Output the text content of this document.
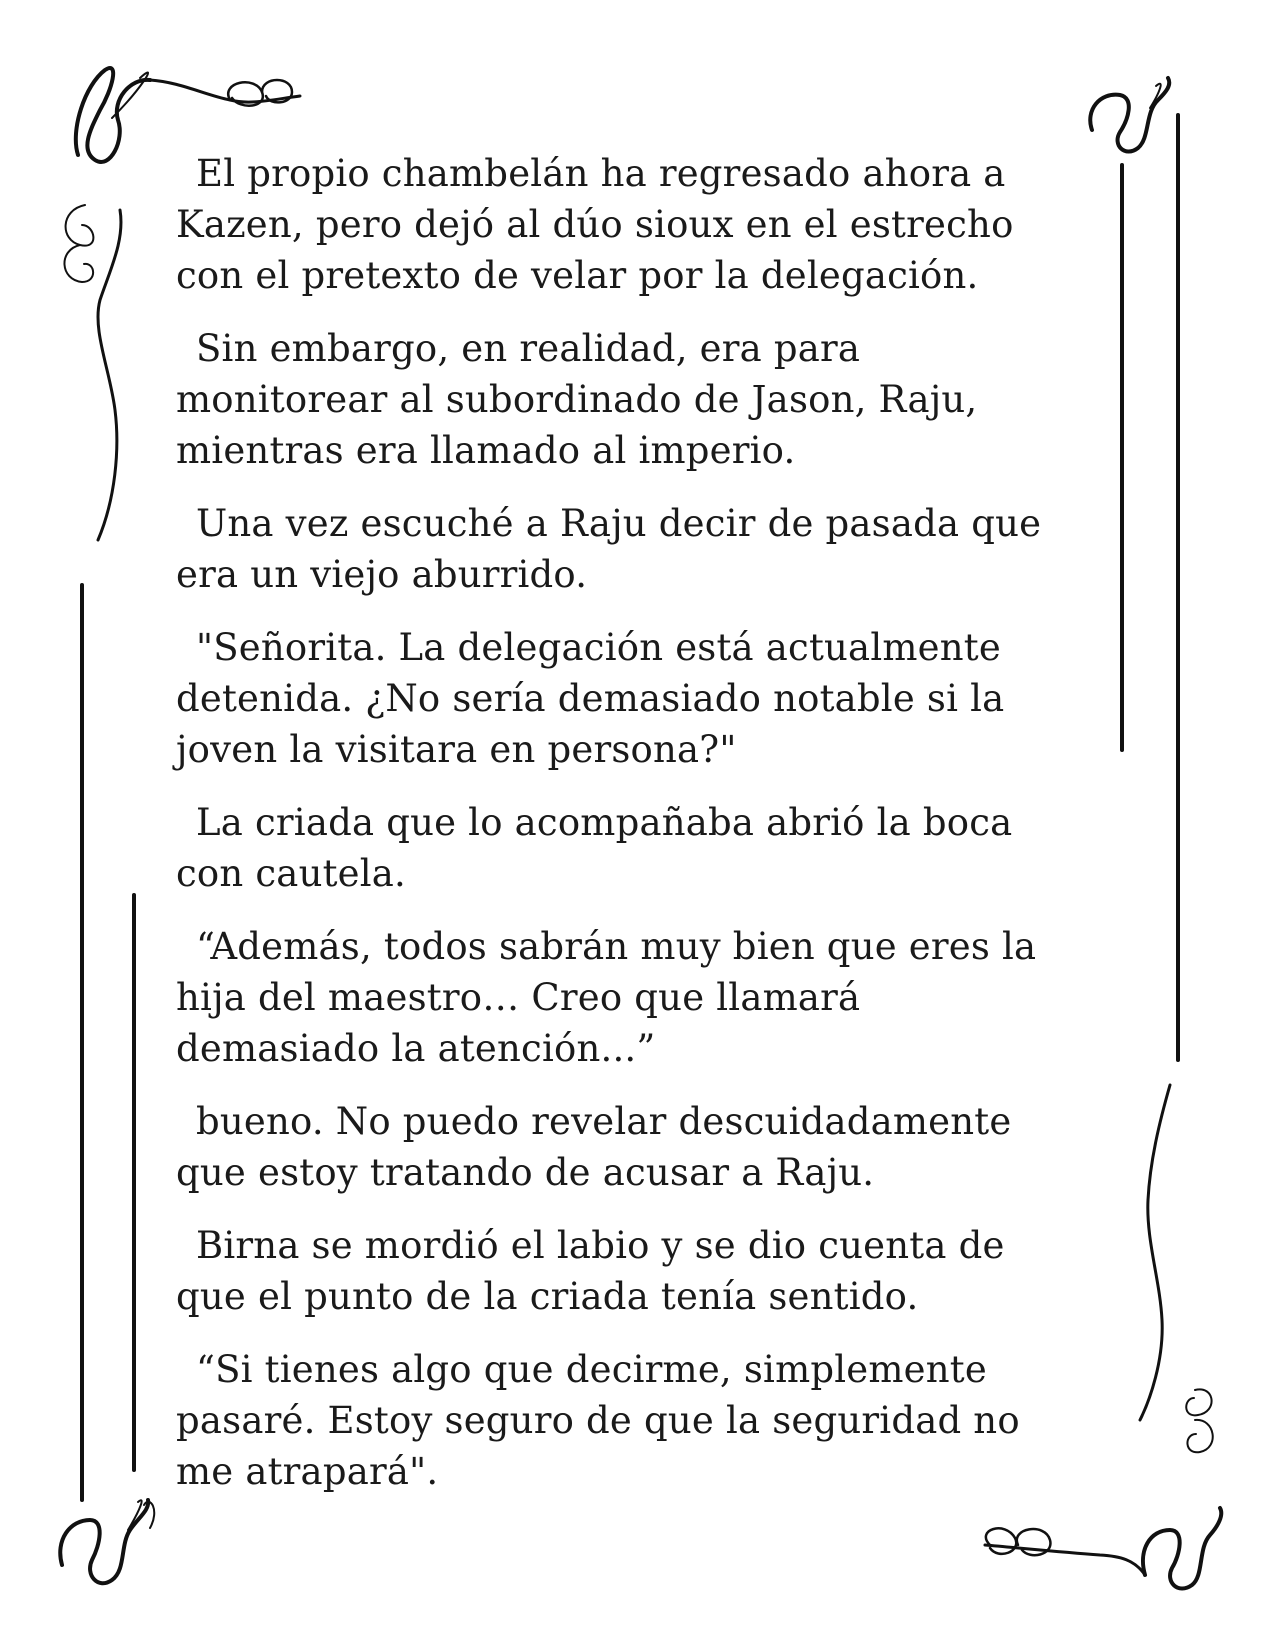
El propio chambelán ha regresado ahora a
Kazen, pero dejó al dúo sioux en el estrecho
con el pretexto de velar por la delegación.

Sin embargo, en realidad, era para
monitorear al subordinado de Jason, Raju,
mientras era llamado al imperio.

Una vez escuché a Raju decir de pasada que
era un viejo aburrido.

"Señorita. La delegación está actualmente
detenida. ¿No sería demasiado notable si la
joven la visitara en persona?"

La criada que lo acompañaba abrió la boca
con cautela.

“Además, todos sabrán muy bien que eres la
hija del maestro… Creo que llamará
demasiado la atención...”

bueno. No puedo revelar descuidadamente
que estoy tratando de acusar a Raju.

Birna se mordió el labio y se dio cuenta de
que el punto de la criada tenía sentido.

“Si tienes algo que decirme, simplemente
pasaré. Estoy seguro de que la seguridad no
me atrapará".
